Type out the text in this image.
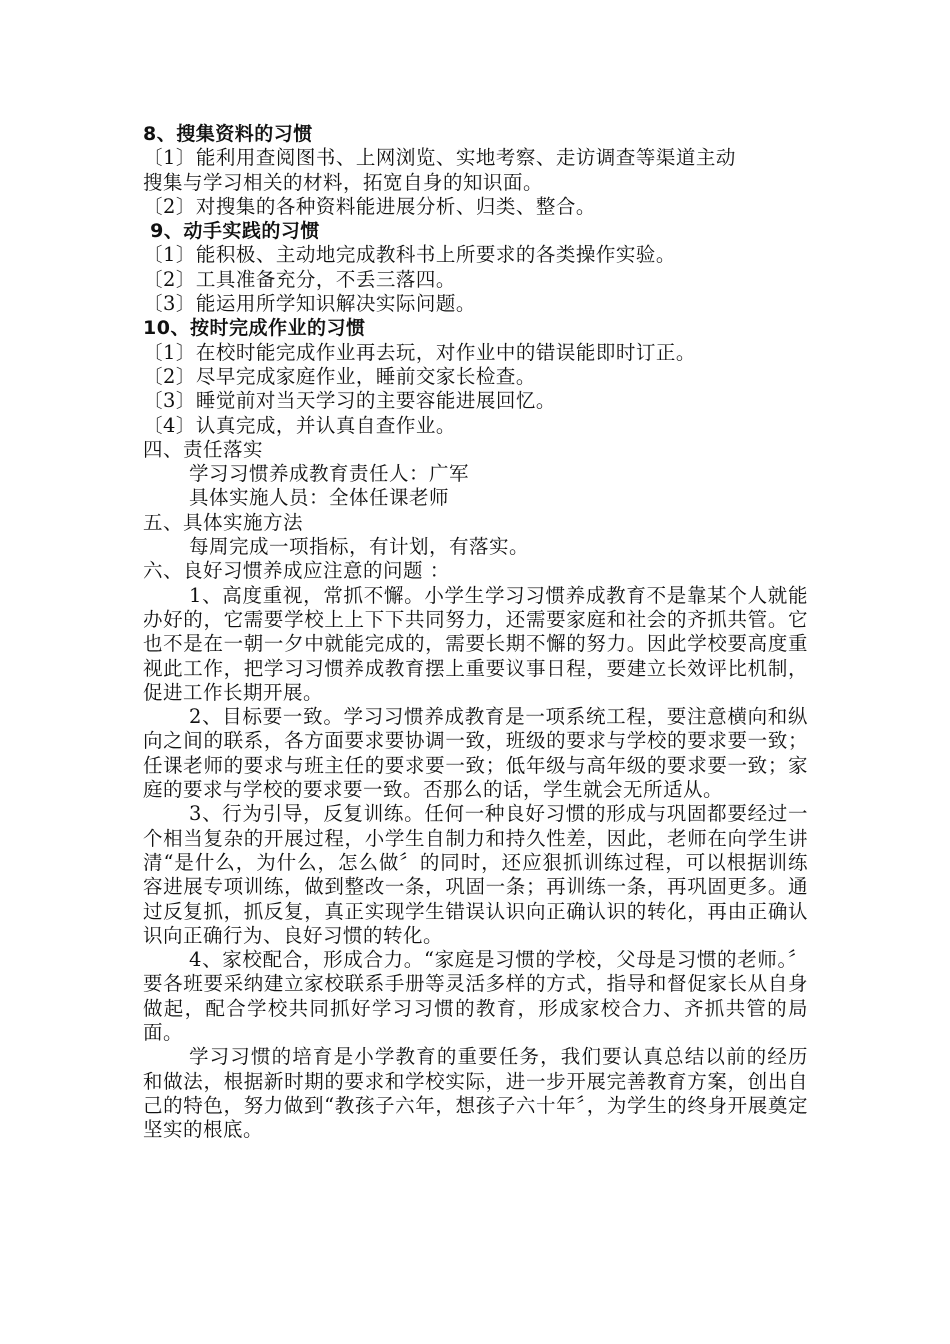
8、搜集资料的习惯
〔1〕能利用查阅图书、上网浏览、实地考察、走访调查等渠道主动
搜集与学习相关的材料，拓宽自身的知识面。
〔2〕对搜集的各种资料能进展分析、归类、整合。
9、动手实践的习惯
〔1〕能积极、主动地完成教科书上所要求的各类操作实验。
〔2〕工具准备充分，不丢三落四。
〔3〕能运用所学知识解决实际问题。
10、按时完成作业的习惯
〔1〕在校时能完成作业再去玩，对作业中的错误能即时订正。
〔2〕尽早完成家庭作业，睡前交家长检查。
〔3〕睡觉前对当天学习的主要容能进展回忆。
〔4〕认真完成，并认真自查作业。
四、责任落实
学习习惯养成教育责任人：广军
具体实施人员：全体任课老师
五、具体实施方法
每周完成一项指标，有计划，有落实。
六、良好习惯养成应注意的问题 ：
1、高度重视，常抓不懈。小学生学习习惯养成教育不是靠某个人就能办好的，它需要学校上上下下共同努力，还需要家庭和社会的齐抓共管。它也不是在一朝一夕中就能完成的，需要长期不懈的努力。因此学校要高度重视此工作，把学习习惯养成教育摆上重要议事日程，要建立长效评比机制，促进工作长期开展。
2、目标要一致。学习习惯养成教育是一项系统工程，要注意横向和纵向之间的联系，各方面要求要协调一致，班级的要求与学校的要求要一致；任课老师的要求与班主任的要求要一致；低年级与高年级的要求要一致；家庭的要求与学校的要求要一致。否那么的话，学生就会无所适从。
3、行为引导，反复训练。任何一种良好习惯的形成与巩固都要经过一个相当复杂的开展过程，小学生自制力和持久性差，因此，老师在向学生讲清“是什么，为什么，怎么做〞的同时，还应狠抓训练过程，可以根据训练容进展专项训练，做到整改一条，巩固一条；再训练一条，再巩固更多。通过反复抓，抓反复，真正实现学生错误认识向正确认识的转化，再由正确认识向正确行为、良好习惯的转化。
4、家校配合，形成合力。“家庭是习惯的学校，父母是习惯的老师。〞要各班要采纳建立家校联系手册等灵活多样的方式，指导和督促家长从自身做起，配合学校共同抓好学习习惯的教育，形成家校合力、齐抓共管的局面。
学习习惯的培育是小学教育的重要任务，我们要认真总结以前的经历和做法，根据新时期的要求和学校实际，进一步开展完善教育方案，创出自己的特色，努力做到“教孩子六年，想孩子六十年〞，为学生的终身开展奠定坚实的根底。
